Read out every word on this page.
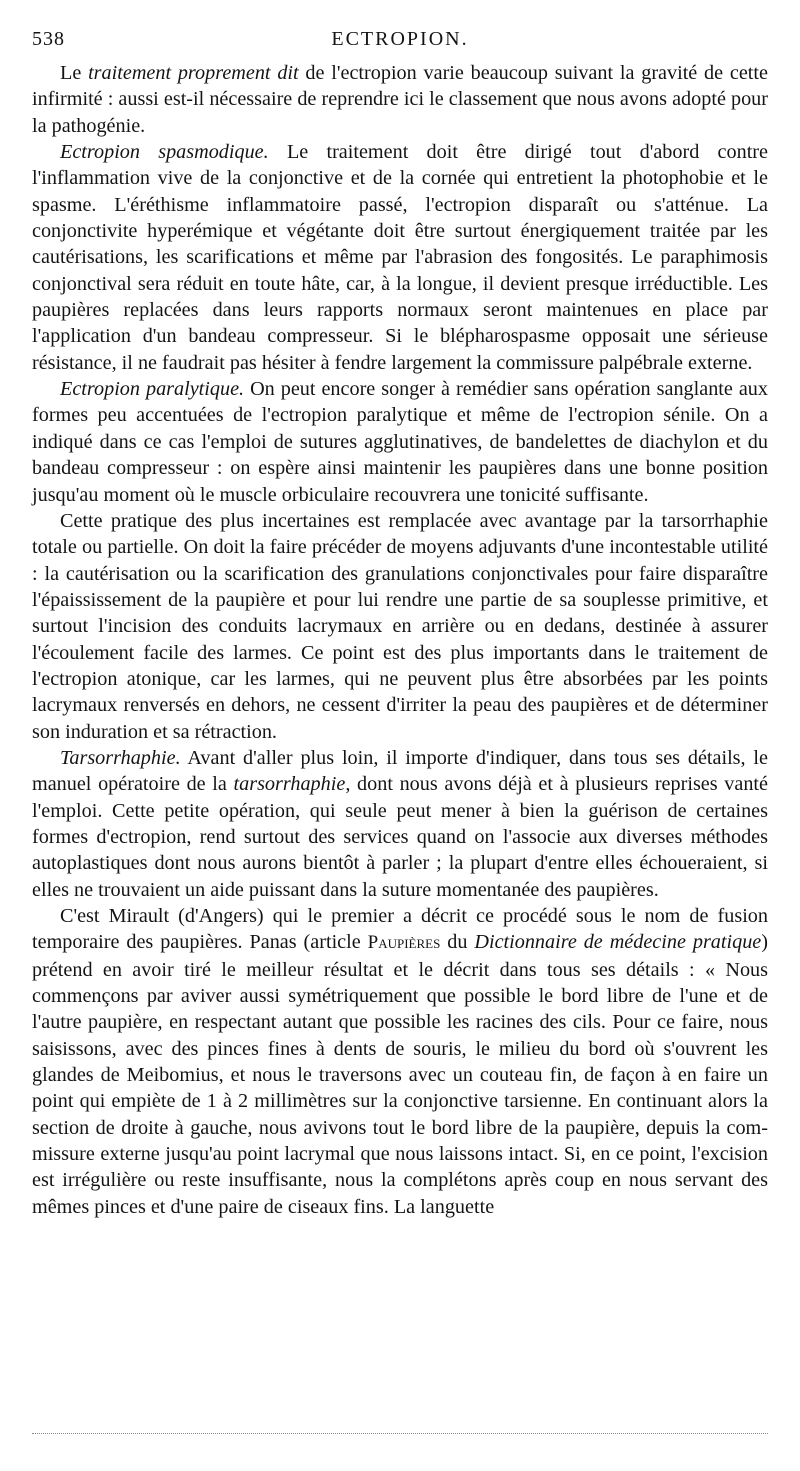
538	ECTROPION.

Le traitement proprement dit de l'ectropion varie beaucoup suivant la gravité de cette infirmité : aussi est-il nécessaire de reprendre ici le classement que nous avons adopté pour la pathogénie.

Ectropion spasmodique. Le traitement doit être dirigé tout d'abord contre l'inflammation vive de la conjonctive et de la cornée qui entretient la photophobie et le spasme. L'éréthisme inflammatoire passé, l'ectropion disparaît ou s'atténue. La conjonctivite hyperémique et végétante doit être surtout énergiquement traitée par les cautérisations, les scarifications et même par l'abrasion des fongosités. Le paraphimosis conjonctival sera réduit en toute hâte, car, à la longue, il devient presque irréductible. Les paupières replacées dans leurs rapports normaux seront maintenues en place par l'application d'un bandeau compresseur. Si le blépharospasme opposait une sérieuse résistance, il ne faudrait pas hésiter à fendre largement la commissure palpébrale externe.

Ectropion paralytique. On peut encore songer à remédier sans opération sanglante aux formes peu accentuées de l'ectropion paralytique et même de l'ectropion sénile. On a indiqué dans ce cas l'emploi de sutures agglutinatives, de bandelettes de diachylon et du bandeau compresseur : on espère ainsi maintenir les paupières dans une bonne position jusqu'au moment où le muscle orbiculaire recouvrera une tonicité suffisante.

Cette pratique des plus incertaines est remplacée avec avantage par la tarsorrhaphie totale ou partielle. On doit la faire précéder de moyens adjuvants d'une incontestable utilité : la cautérisation ou la scarification des granulations conjonctivales pour faire disparaître l'épaississement de la paupière et pour lui rendre une partie de sa souplesse primitive, et surtout l'incision des conduits lacrymaux en arrière ou en dedans, destinée à assurer l'écoulement facile des larmes. Ce point est des plus importants dans le traitement de l'ectropion atonique, car les larmes, qui ne peuvent plus être absorbées par les points lacrymaux renversés en dehors, ne cessent d'irriter la peau des paupières et de déterminer son induration et sa rétraction.

Tarsorrhaphie. Avant d'aller plus loin, il importe d'indiquer, dans tous ses détails, le manuel opératoire de la tarsorrhaphie, dont nous avons déjà et à plusieurs reprises vanté l'emploi. Cette petite opération, qui seule peut mener à bien la guérison de certaines formes d'ectropion, rend surtout des services quand on l'associe aux diverses méthodes autoplastiques dont nous aurons bientôt à parler ; la plupart d'entre elles échoueraient, si elles ne trouvaient un aide puissant dans la suture momentanée des paupières.

C'est Mirault (d'Angers) qui le premier a décrit ce procédé sous le nom de fusion temporaire des paupières. Panas (article Paupières du Dictionnaire de médecine pratique) prétend en avoir tiré le meilleur résultat et le décrit dans tous ses détails : « Nous commençons par aviver aussi symétriquement que possible le bord libre de l'une et de l'autre paupière, en respectant autant que possible les racines des cils. Pour ce faire, nous saisissons, avec des pinces fines à dents de souris, le milieu du bord où s'ouvrent les glandes de Meibomius, et nous le traversons avec un couteau fin, de façon à en faire un point qui empiète de 1 à 2 millimètres sur la conjonctive tarsienne. En continuant alors la section de droite à gauche, nous avivons tout le bord libre de la paupière, depuis la commissure externe jusqu'au point lacrymal que nous laissons intact. Si, en ce point, l'excision est irrégulière ou reste insuffisante, nous la complétons après coup en nous servant des mêmes pinces et d'une paire de ciseaux fins. La languette
